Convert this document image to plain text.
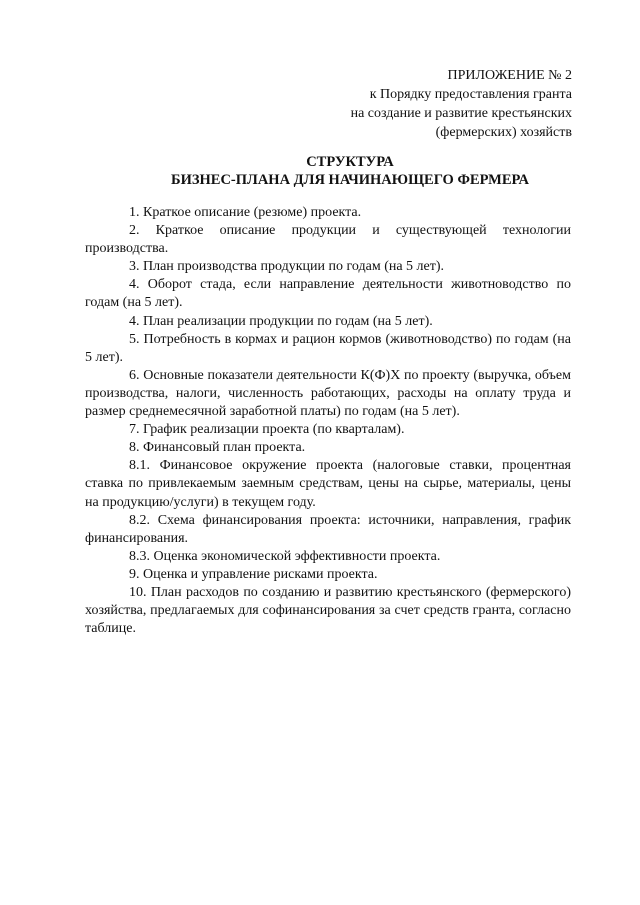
ПРИЛОЖЕНИЕ № 2
к Порядку предоставления гранта
на создание и развитие крестьянских
(фермерских) хозяйств
СТРУКТУРА
БИЗНЕС-ПЛАНА ДЛЯ НАЧИНАЮЩЕГО ФЕРМЕРА

1. Краткое описание (резюме) проекта.

2. Краткое описание продукции и существующей технологии производства.

3. План производства продукции по годам (на 5 лет).

4. Оборот стада, если направление деятельности животноводство по годам (на 5 лет).

4. План реализации продукции по годам (на 5 лет).

5. Потребность в кормах и рацион кормов (животноводство) по годам (на 5 лет).

6. Основные показатели деятельности К(Ф)Х по проекту (выручка, объем производства, налоги, численность работающих, расходы на оплату труда и размер среднемесячной заработной платы) по годам (на 5 лет).

7. График реализации проекта (по кварталам).

8. Финансовый план проекта.

8.1. Финансовое окружение проекта (налоговые ставки, процентная ставка по привлекаемым заемным средствам, цены на сырье, материалы, цены на продукцию/услуги) в текущем году.

8.2. Схема финансирования проекта: источники, направления, график финансирования.

8.3. Оценка экономической эффективности проекта.

9. Оценка и управление рисками проекта.

10. План расходов по созданию и развитию крестьянского (фермерского) хозяйства, предлагаемых для софинансирования за счет средств гранта, согласно таблице.
